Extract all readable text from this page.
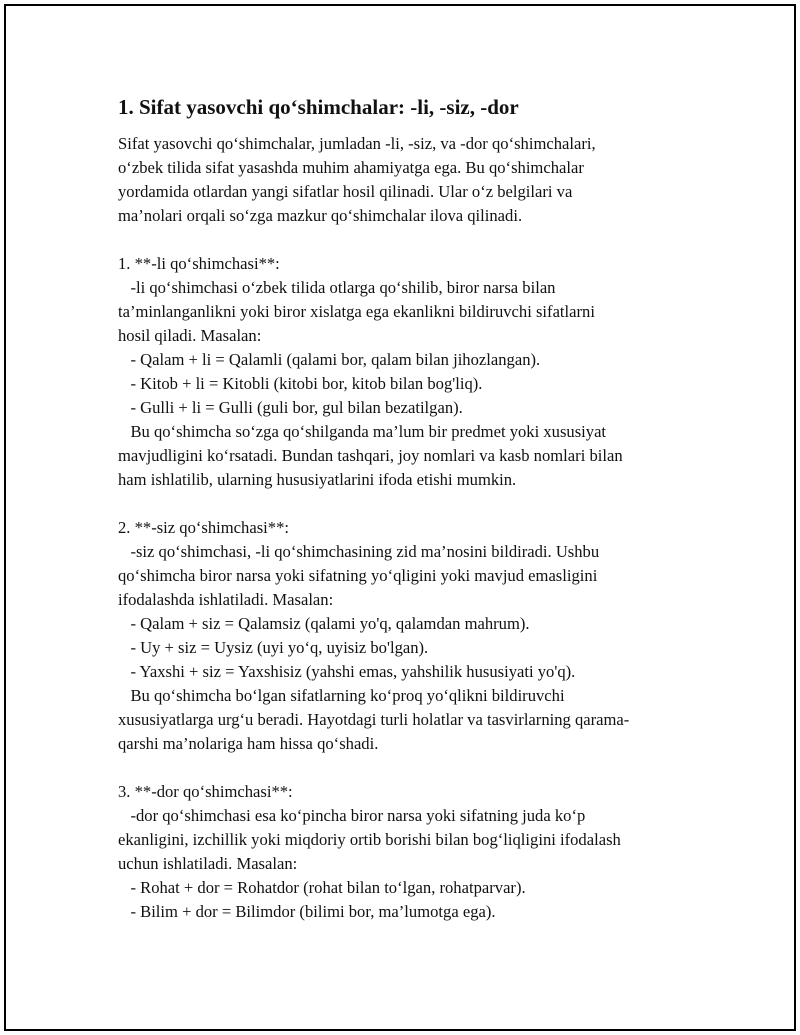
1. Sifat yasovchi qo‘shimchalar: -li, -siz, -dor
Sifat yasovchi qo‘shimchalar, jumladan -li, -siz, va -dor qo‘shimchalari,
o‘zbek tilida sifat yasashda muhim ahamiyatga ega. Bu qo‘shimchalar
yordamida otlardan yangi sifatlar hosil qilinadi. Ular o‘z belgilari va
ma’nolari orqali so‘zga mazkur qo‘shimchalar ilova qilinadi.
1. **-li qo‘shimchasi**:
-li qo‘shimchasi o‘zbek tilida otlarga qo‘shilib, biror narsa bilan
ta’minlanganlikni yoki biror xislatga ega ekanlikni bildiruvchi sifatlarni
hosil qiladi. Masalan:
- Qalam + li = Qalamli (qalami bor, qalam bilan jihozlangan).
- Kitob + li = Kitobli (kitobi bor, kitob bilan bog'liq).
- Gulli + li = Gulli (guli bor, gul bilan bezatilgan).
Bu qo‘shimcha so‘zga qo‘shilganda ma’lum bir predmet yoki xususiyat
mavjudligini ko‘rsatadi. Bundan tashqari, joy nomlari va kasb nomlari bilan
ham ishlatilib, ularning hususiyatlarini ifoda etishi mumkin.
2. **-siz qo‘shimchasi**:
-siz qo‘shimchasi, -li qo‘shimchasining zid ma’nosini bildiradi. Ushbu
qo‘shimcha biror narsa yoki sifatning yo‘qligini yoki mavjud emasligini
ifodalashda ishlatiladi. Masalan:
- Qalam + siz = Qalamsiz (qalami yo'q, qalamdan mahrum).
- Uy + siz = Uysiz (uyi yo‘q, uyisiz bo'lgan).
- Yaxshi + siz = Yaxshisiz (yahshi emas, yahshilik hususiyati yo'q).
Bu qo‘shimcha bo‘lgan sifatlarning ko‘proq yo‘qlikni bildiruvchi
xususiyatlarga urg‘u beradi. Hayotdagi turli holatlar va tasvirlarning qarama-
qarshi ma’nolariga ham hissa qo‘shadi.
3. **-dor qo‘shimchasi**:
-dor qo‘shimchasi esa ko‘pincha biror narsa yoki sifatning juda ko‘p
ekanligini, izchillik yoki miqdoriy ortib borishi bilan bog‘liqligini ifodalash
uchun ishlatiladi. Masalan:
- Rohat + dor = Rohatdor (rohat bilan to‘lgan, rohatparvar).
- Bilim + dor = Bilimdor (bilimi bor, ma’lumotga ega).
